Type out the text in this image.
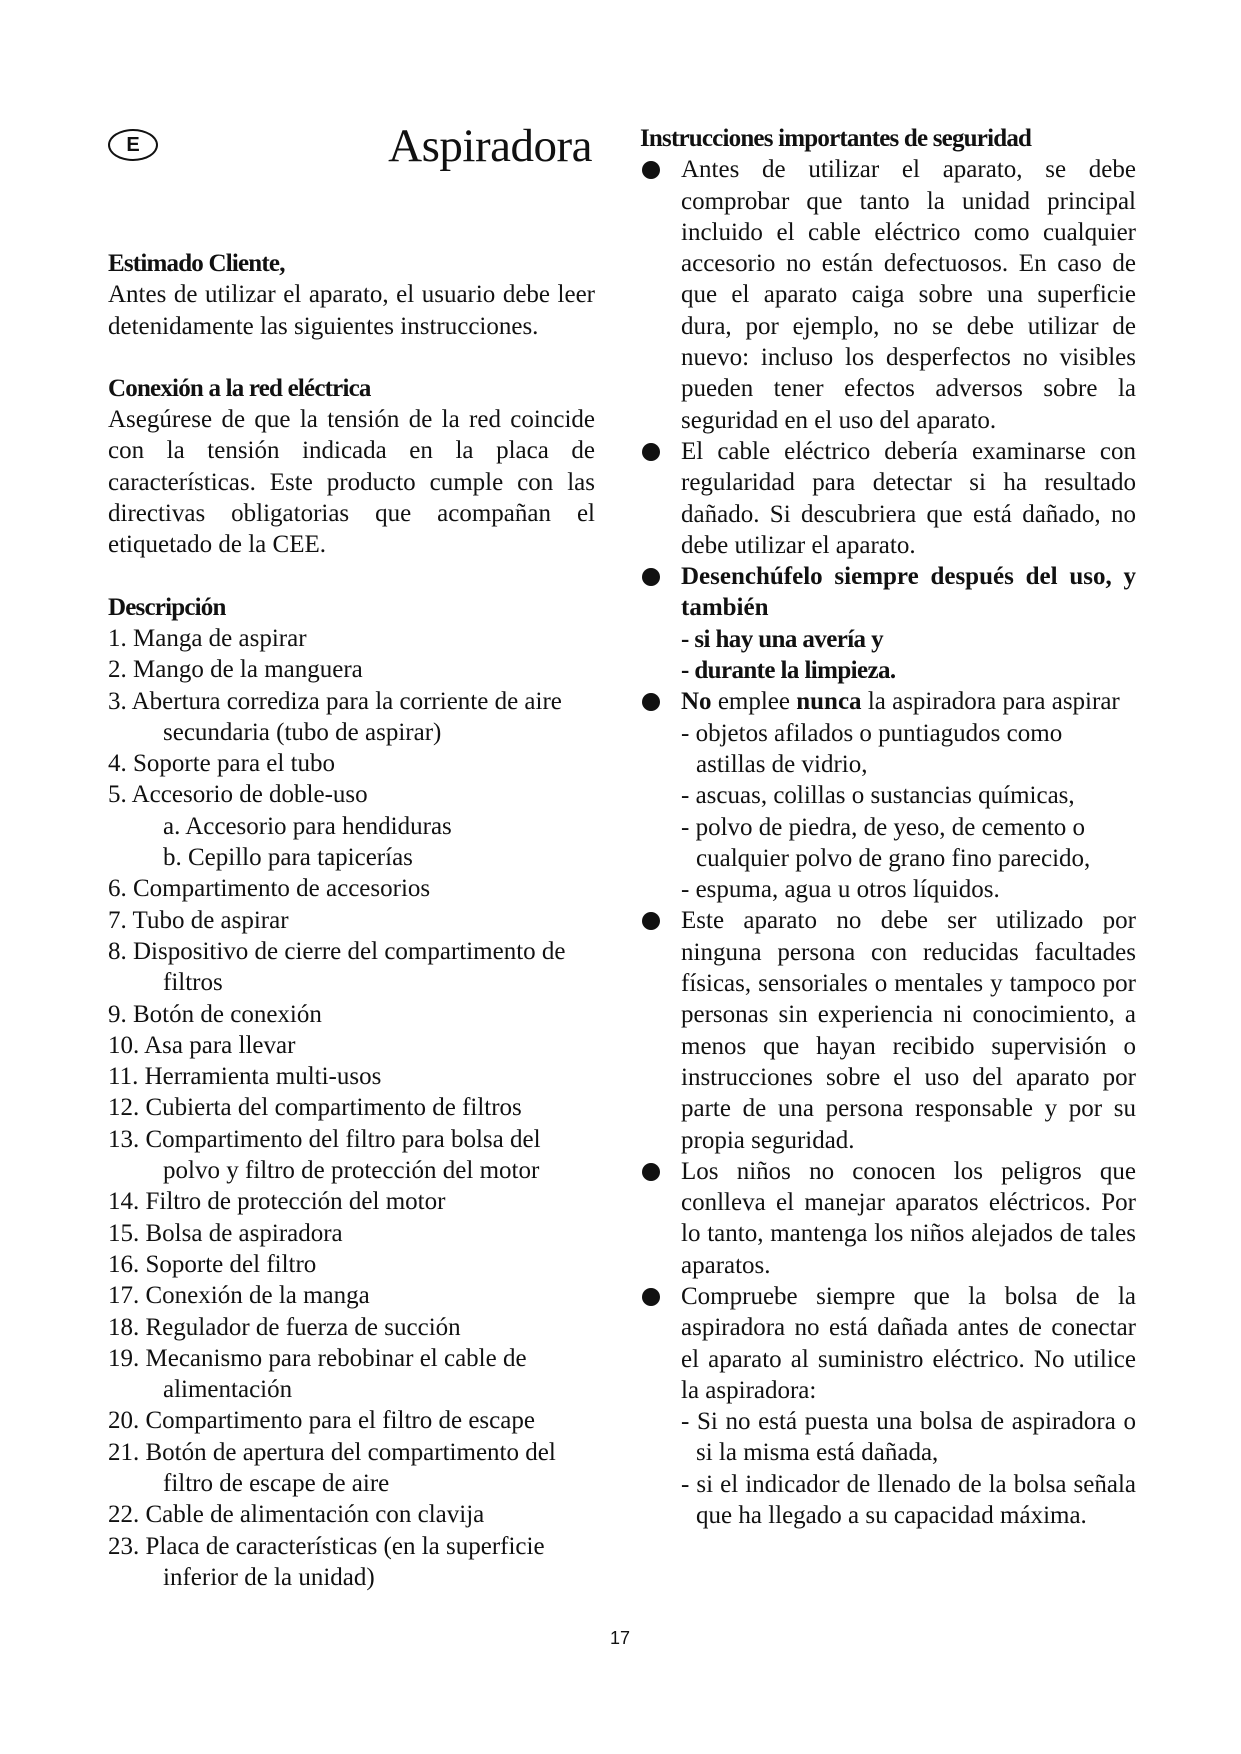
E	Aspiradora
Estimado Cliente,
Antes de utilizar el aparato, el usuario debe leer detenidamente las siguientes instrucciones.
Conexión a la red eléctrica
Asegúrese de que la tensión de la red coincide con la tensión indicada en la placa de características. Este producto cumple con las directivas obligatorias que acompañan el etiquetado de la CEE.
Descripción
1. Manga de aspirar
2. Mango de la manguera
3. Abertura corrediza para la corriente de aire secundaria (tubo de aspirar)
4. Soporte para el tubo
5. Accesorio de doble-uso
a. Accesorio para hendiduras
b. Cepillo para tapicerías
6. Compartimento de accesorios
7. Tubo de aspirar
8. Dispositivo de cierre del compartimento de filtros
9. Botón de conexión
10. Asa para llevar
11. Herramienta multi-usos
12. Cubierta del compartimento de filtros
13. Compartimento del filtro para bolsa del polvo y filtro de protección del motor
14. Filtro de protección del motor
15. Bolsa de aspiradora
16. Soporte del filtro
17. Conexión de la manga
18. Regulador de fuerza de succión
19. Mecanismo para rebobinar el cable de alimentación
20. Compartimento para el filtro de escape
21. Botón de apertura del compartimento del filtro de escape de aire
22. Cable de alimentación con clavija
23. Placa de características (en la superficie inferior de la unidad)
Instrucciones importantes de seguridad
Antes de utilizar el aparato, se debe comprobar que tanto la unidad principal incluido el cable eléctrico como cualquier accesorio no están defectuosos. En caso de que el aparato caiga sobre una superficie dura, por ejemplo, no se debe utilizar de nuevo: incluso los desperfectos no visibles pueden tener efectos adversos sobre la seguridad en el uso del aparato.
El cable eléctrico debería examinarse con regularidad para detectar si ha resultado dañado. Si descubriera que está dañado, no debe utilizar el aparato.
Desenchúfelo siempre después del uso, y también
- si hay una avería y
- durante la limpieza.
No emplee nunca la aspiradora para aspirar
- objetos afilados o puntiagudos como astillas de vidrio,
- ascuas, colillas o sustancias químicas,
- polvo de piedra, de yeso, de cemento o cualquier polvo de grano fino parecido,
- espuma, agua u otros líquidos.
Este aparato no debe ser utilizado por ninguna persona con reducidas facultades físicas, sensoriales o mentales y tampoco por personas sin experiencia ni conocimiento, a menos que hayan recibido supervisión o instrucciones sobre el uso del aparato por parte de una persona responsable y por su propia seguridad.
Los niños no conocen los peligros que conlleva el manejar aparatos eléctricos. Por lo tanto, mantenga los niños alejados de tales aparatos.
Compruebe siempre que la bolsa de la aspiradora no está dañada antes de conectar el aparato al suministro eléctrico. No utilice la aspiradora:
- Si no está puesta una bolsa de aspiradora o si la misma está dañada,
- si el indicador de llenado de la bolsa señala que ha llegado a su capacidad máxima.
17
